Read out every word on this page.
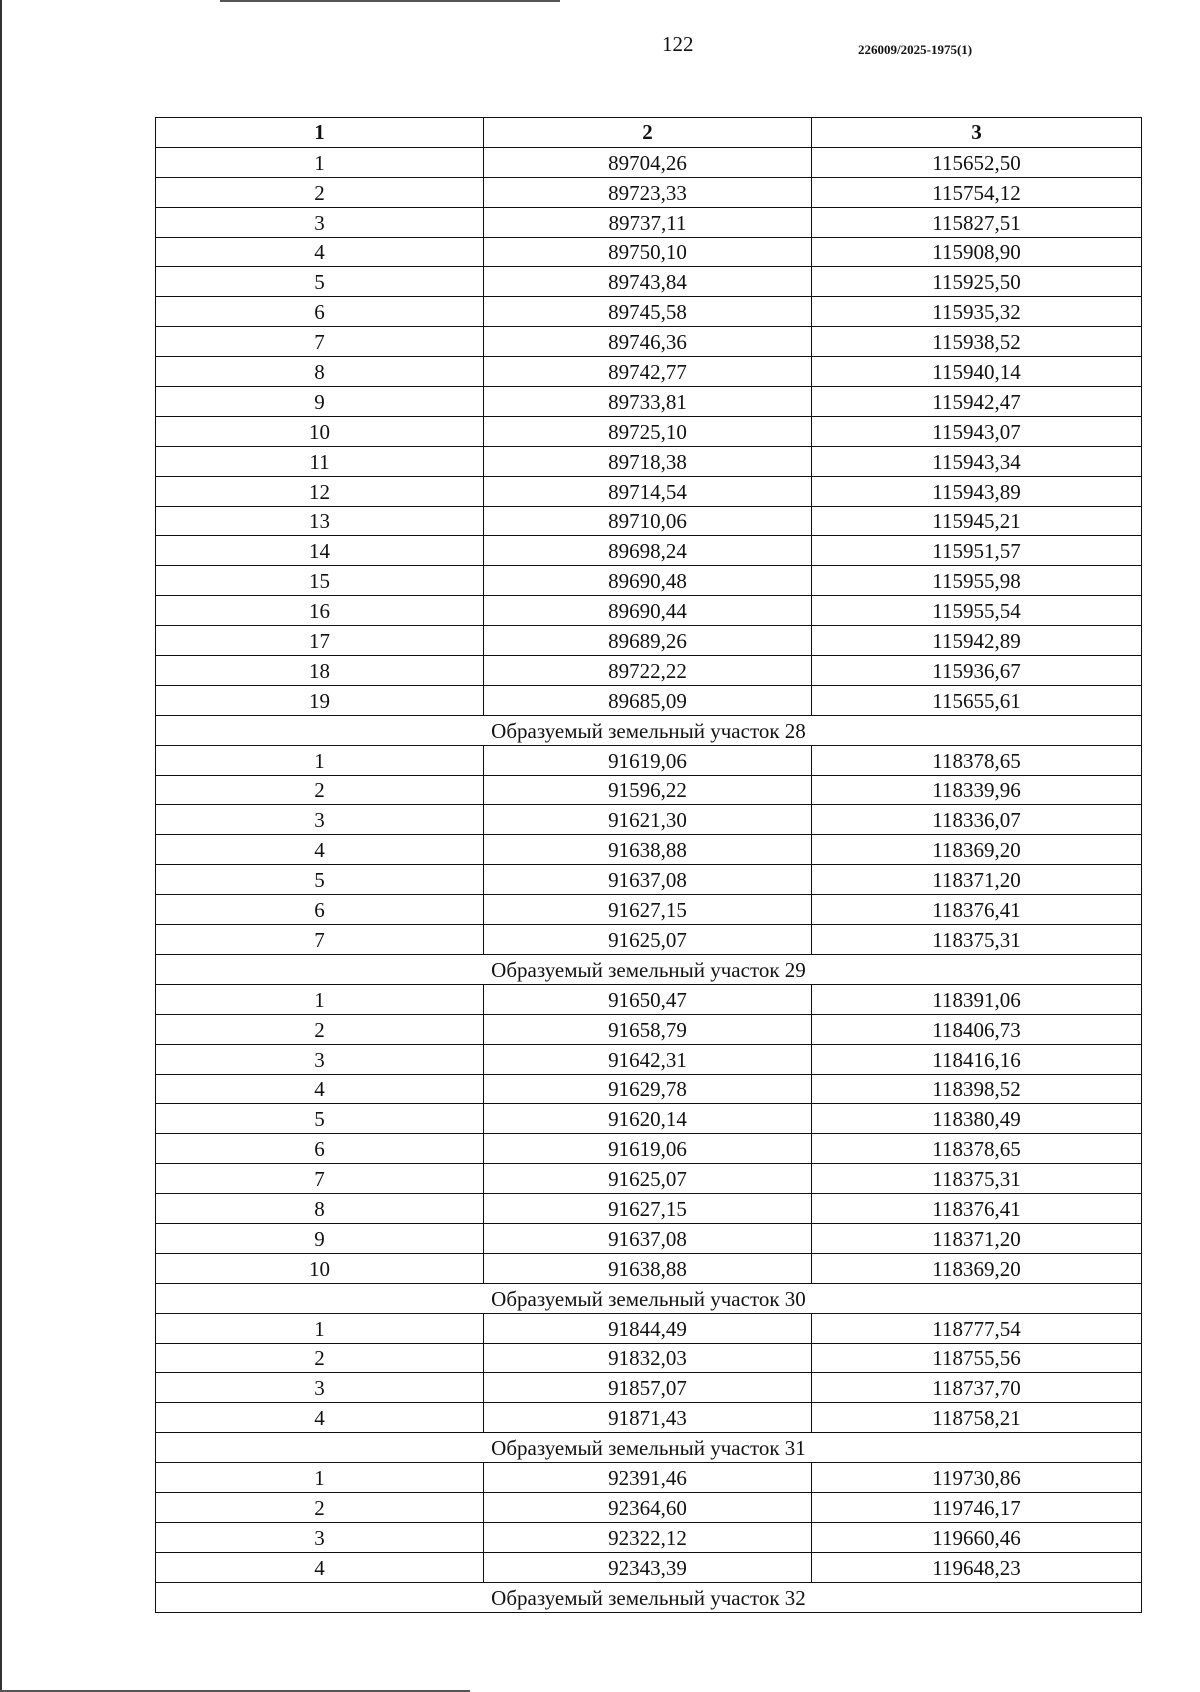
122	226009/2025-1975(1)
1	2	3
1	89704,26	115652,50
2	89723,33	115754,12
3	89737,11	115827,51
4	89750,10	115908,90
5	89743,84	115925,50
6	89745,58	115935,32
7	89746,36	115938,52
8	89742,77	115940,14
9	89733,81	115942,47
10	89725,10	115943,07
11	89718,38	115943,34
12	89714,54	115943,89
13	89710,06	115945,21
14	89698,24	115951,57
15	89690,48	115955,98
16	89690,44	115955,54
17	89689,26	115942,89
18	89722,22	115936,67
19	89685,09	115655,61
Образуемый земельный участок 28		
1	91619,06	118378,65
2	91596,22	118339,96
3	91621,30	118336,07
4	91638,88	118369,20
5	91637,08	118371,20
6	91627,15	118376,41
7	91625,07	118375,31
Образуемый земельный участок 29		
1	91650,47	118391,06
2	91658,79	118406,73
3	91642,31	118416,16
4	91629,78	118398,52
5	91620,14	118380,49
6	91619,06	118378,65
7	91625,07	118375,31
8	91627,15	118376,41
9	91637,08	118371,20
10	91638,88	118369,20
Образуемый земельный участок 30		
1	91844,49	118777,54
2	91832,03	118755,56
3	91857,07	118737,70
4	91871,43	118758,21
Образуемый земельный участок 31		
1	92391,46	119730,86
2	92364,60	119746,17
3	92322,12	119660,46
4	92343,39	119648,23
Образуемый земельный участок 32		
